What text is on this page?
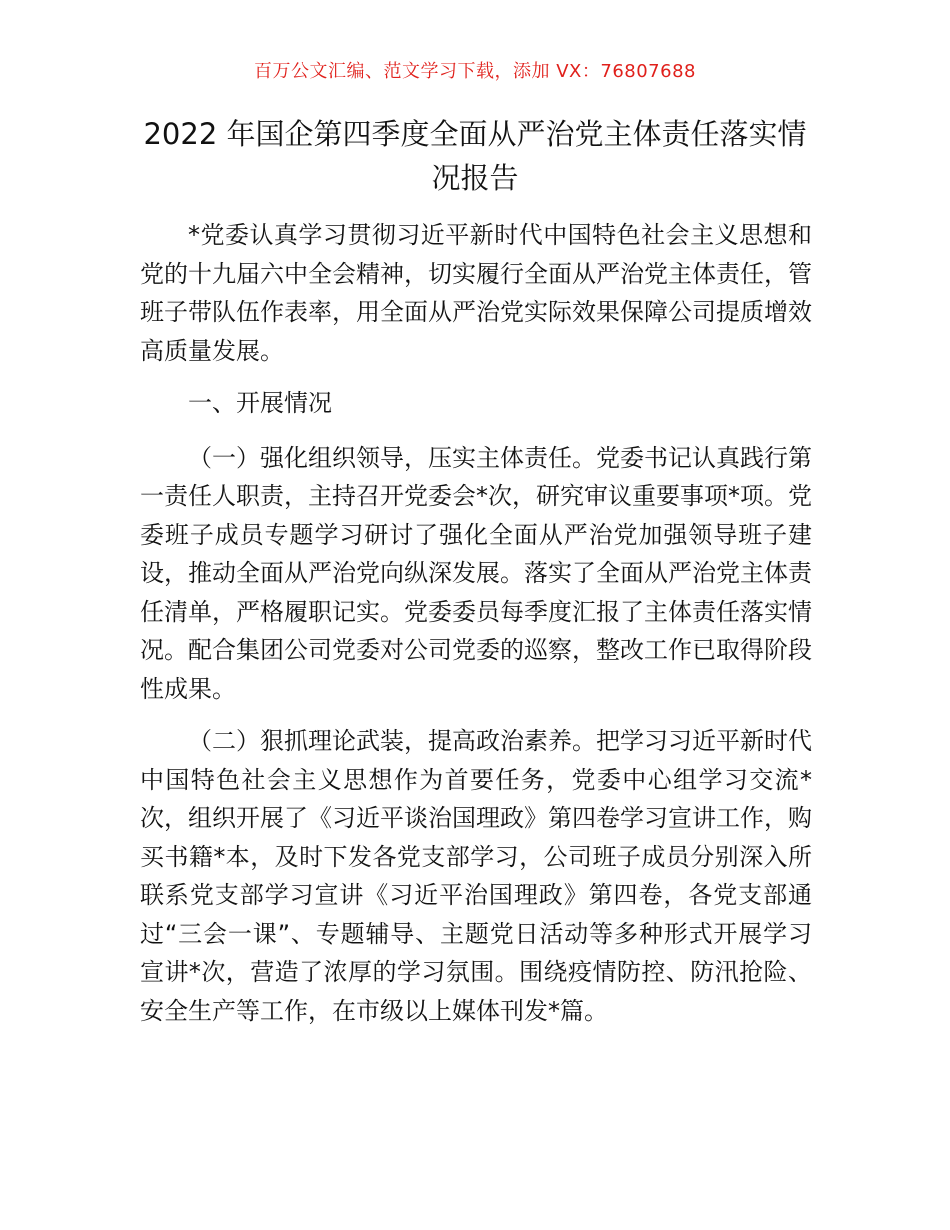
百万公文汇编、范文学习下载，添加 VX：76807688
2022 年国企第四季度全面从严治党主体责任落实情况报告

*党委认真学习贯彻习近平新时代中国特色社会主义思想和党的十九届六中全会精神，切实履行全面从严治党主体责任，管班子带队伍作表率，用全面从严治党实际效果保障公司提质增效高质量发展。

一、开展情况

（一）强化组织领导，压实主体责任。党委书记认真践行第一责任人职责，主持召开党委会*次，研究审议重要事项*项。党委班子成员专题学习研讨了强化全面从严治党加强领导班子建设，推动全面从严治党向纵深发展。落实了全面从严治党主体责任清单，严格履职记实。党委委员每季度汇报了主体责任落实情况。配合集团公司党委对公司党委的巡察，整改工作已取得阶段性成果。

（二）狠抓理论武装，提高政治素养。把学习习近平新时代中国特色社会主义思想作为首要任务，党委中心组学习交流*次，组织开展了《习近平谈治国理政》第四卷学习宣讲工作，购买书籍*本，及时下发各党支部学习，公司班子成员分别深入所联系党支部学习宣讲《习近平治国理政》第四卷，各党支部通过“三会一课”、专题辅导、主题党日活动等多种形式开展学习宣讲*次，营造了浓厚的学习氛围。围绕疫情防控、防汛抢险、安全生产等工作，在市级以上媒体刊发*篇。
